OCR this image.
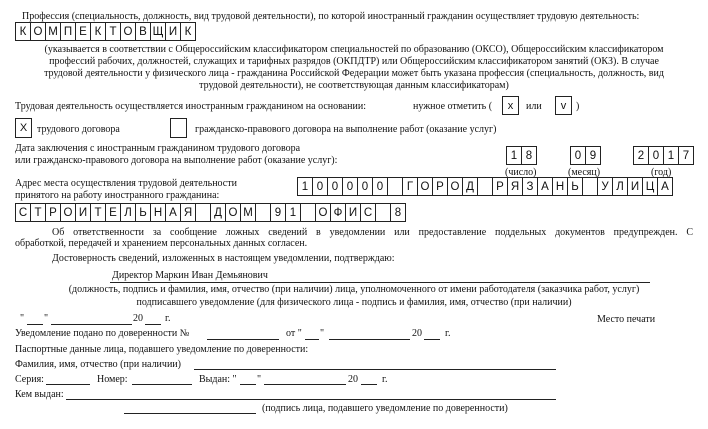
Профессия (специальность, должность, вид трудовой деятельности), по которой иностранный гражданин осуществляет трудовую деятельность:
К О М П Е К Т О В Щ И К
(указывается в соответствии с Общероссийским классификатором специальностей по образованию (ОКСО), Общероссийским классификатором
профессий рабочих, должностей, служащих и тарифных разрядов (ОКПДТР) или Общероссийским классификатором занятий (ОКЗ). В случае
трудовой деятельности у физического лица - гражданина Российской Федерации может быть указана профессия (специальность, должность, вид
трудовой деятельности), не соответствующая данным классификаторам)
Трудовая деятельность осуществляется иностранным гражданином на основании:	нужное отметить (	x	или	v )
X трудового договора	гражданско-правового договора на выполнение работ (оказание услуг)
Дата заключения с иностранным гражданином трудового договора
или гражданско-правового договора на выполнение работ (оказание услуг):	1 8	0 9	2 0 1 7
(число)	(месяц)	(год)
Адрес места осуществления трудовой деятельности
принятого на работу иностранного гражданина:
1 0 0 0 0 0	Г О Р О Д	Р Я З А Н Ь	У Л И Ц А
С Т Р О И Т Е Л Ь Н А Я	Д О М	9 1	О Ф И С	8
Об ответственности за сообщение ложных сведений в уведомлении или предоставление поддельных документов предупрежден. С
обработкой, передачей и хранением персональных данных согласен.
Достоверность сведений, изложенных в настоящем уведомлении, подтверждаю:
Директор Маркин Иван Демьянович
(должность, подпись и фамилия, имя, отчество (при наличии) лица, уполномоченного от имени работодателя (заказчика работ, услуг)
подписавшего уведомление (для физического лица - подпись и фамилия, имя, отчество (при наличии)
" "	20 г.	Место печати
Уведомление подано по доверенности №	от " "	20 г.
Паспортные данные лица, подавшего уведомление по доверенности:
Фамилия, имя, отчество (при наличии)
Серия:	Номер:	Выдан: " "	20 г.
Кем выдан:
(подпись лица, подавшего уведомление по доверенности)
